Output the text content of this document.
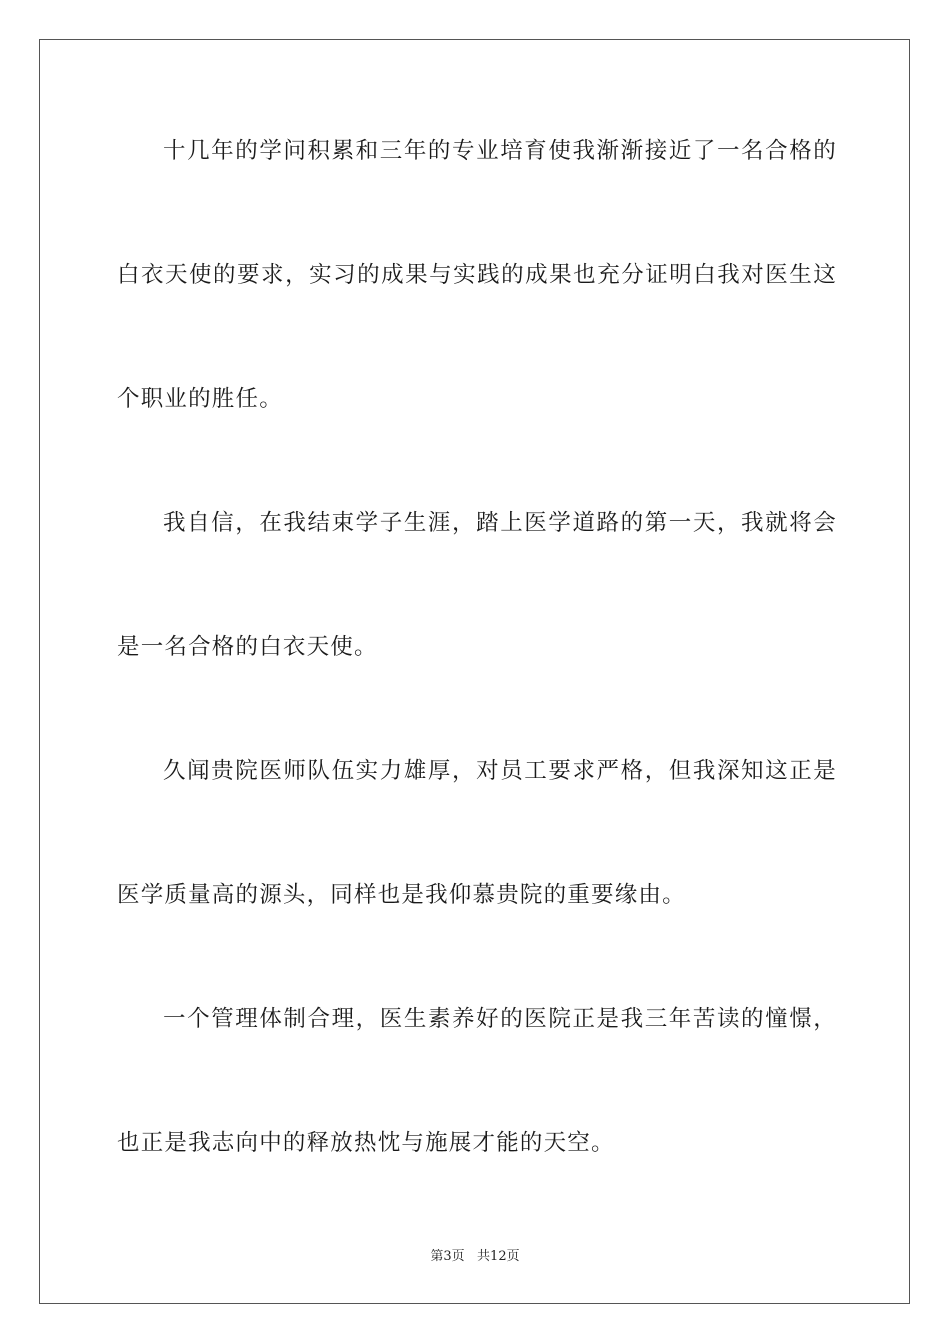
十几年的学问积累和三年的专业培育使我渐渐接近了一名合格的
白衣天使的要求，实习的成果与实践的成果也充分证明白我对医生这
个职业的胜任。
我自信，在我结束学子生涯，踏上医学道路的第一天，我就将会
是一名合格的白衣天使。
久闻贵院医师队伍实力雄厚，对员工要求严格，但我深知这正是
医学质量高的源头，同样也是我仰慕贵院的重要缘由。
一个管理体制合理，医生素养好的医院正是我三年苦读的憧憬，
也正是我志向中的释放热忱与施展才能的天空。
第3页   共12页
